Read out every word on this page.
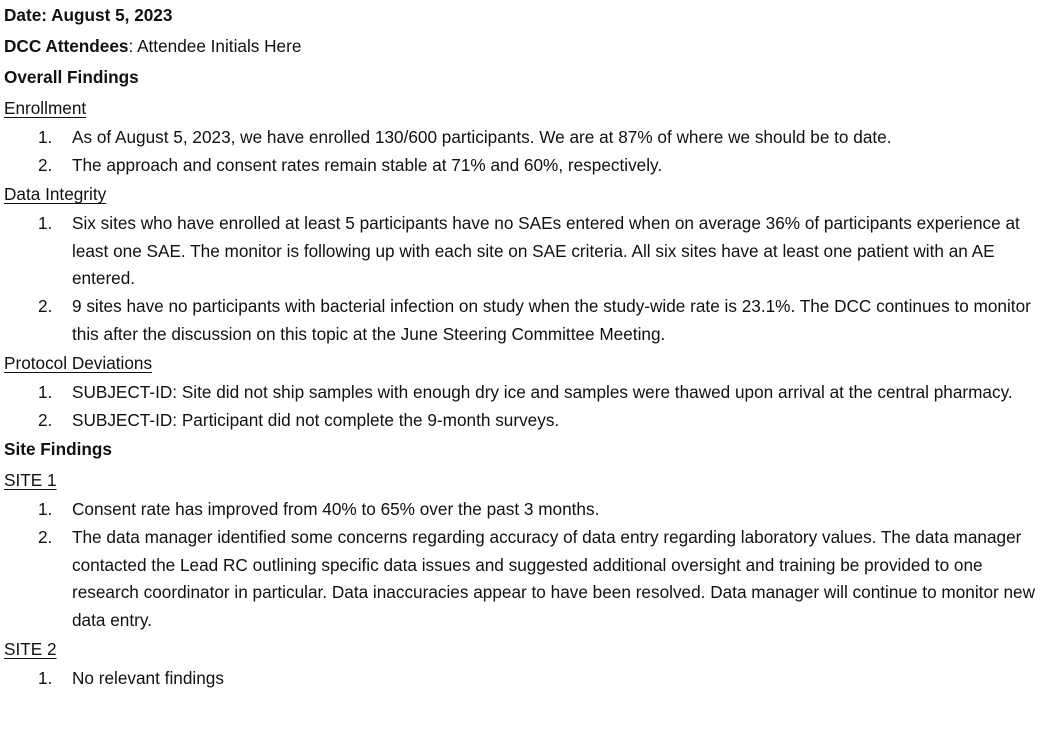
Date: August 5, 2023
DCC Attendees: Attendee Initials Here
Overall Findings
Enrollment
1. As of August 5, 2023, we have enrolled 130/600 participants. We are at 87% of where we should be to date.
2. The approach and consent rates remain stable at 71% and 60%, respectively.
Data Integrity
1. Six sites who have enrolled at least 5 participants have no SAEs entered when on average 36% of participants experience at least one SAE. The monitor is following up with each site on SAE criteria. All six sites have at least one patient with an AE entered.
2. 9 sites have no participants with bacterial infection on study when the study-wide rate is 23.1%. The DCC continues to monitor this after the discussion on this topic at the June Steering Committee Meeting.
Protocol Deviations
1. SUBJECT-ID: Site did not ship samples with enough dry ice and samples were thawed upon arrival at the central pharmacy.
2. SUBJECT-ID: Participant did not complete the 9-month surveys.
Site Findings
SITE 1
1. Consent rate has improved from 40% to 65% over the past 3 months.
2. The data manager identified some concerns regarding accuracy of data entry regarding laboratory values. The data manager contacted the Lead RC outlining specific data issues and suggested additional oversight and training be provided to one research coordinator in particular. Data inaccuracies appear to have been resolved. Data manager will continue to monitor new data entry.
SITE 2
1. No relevant findings
